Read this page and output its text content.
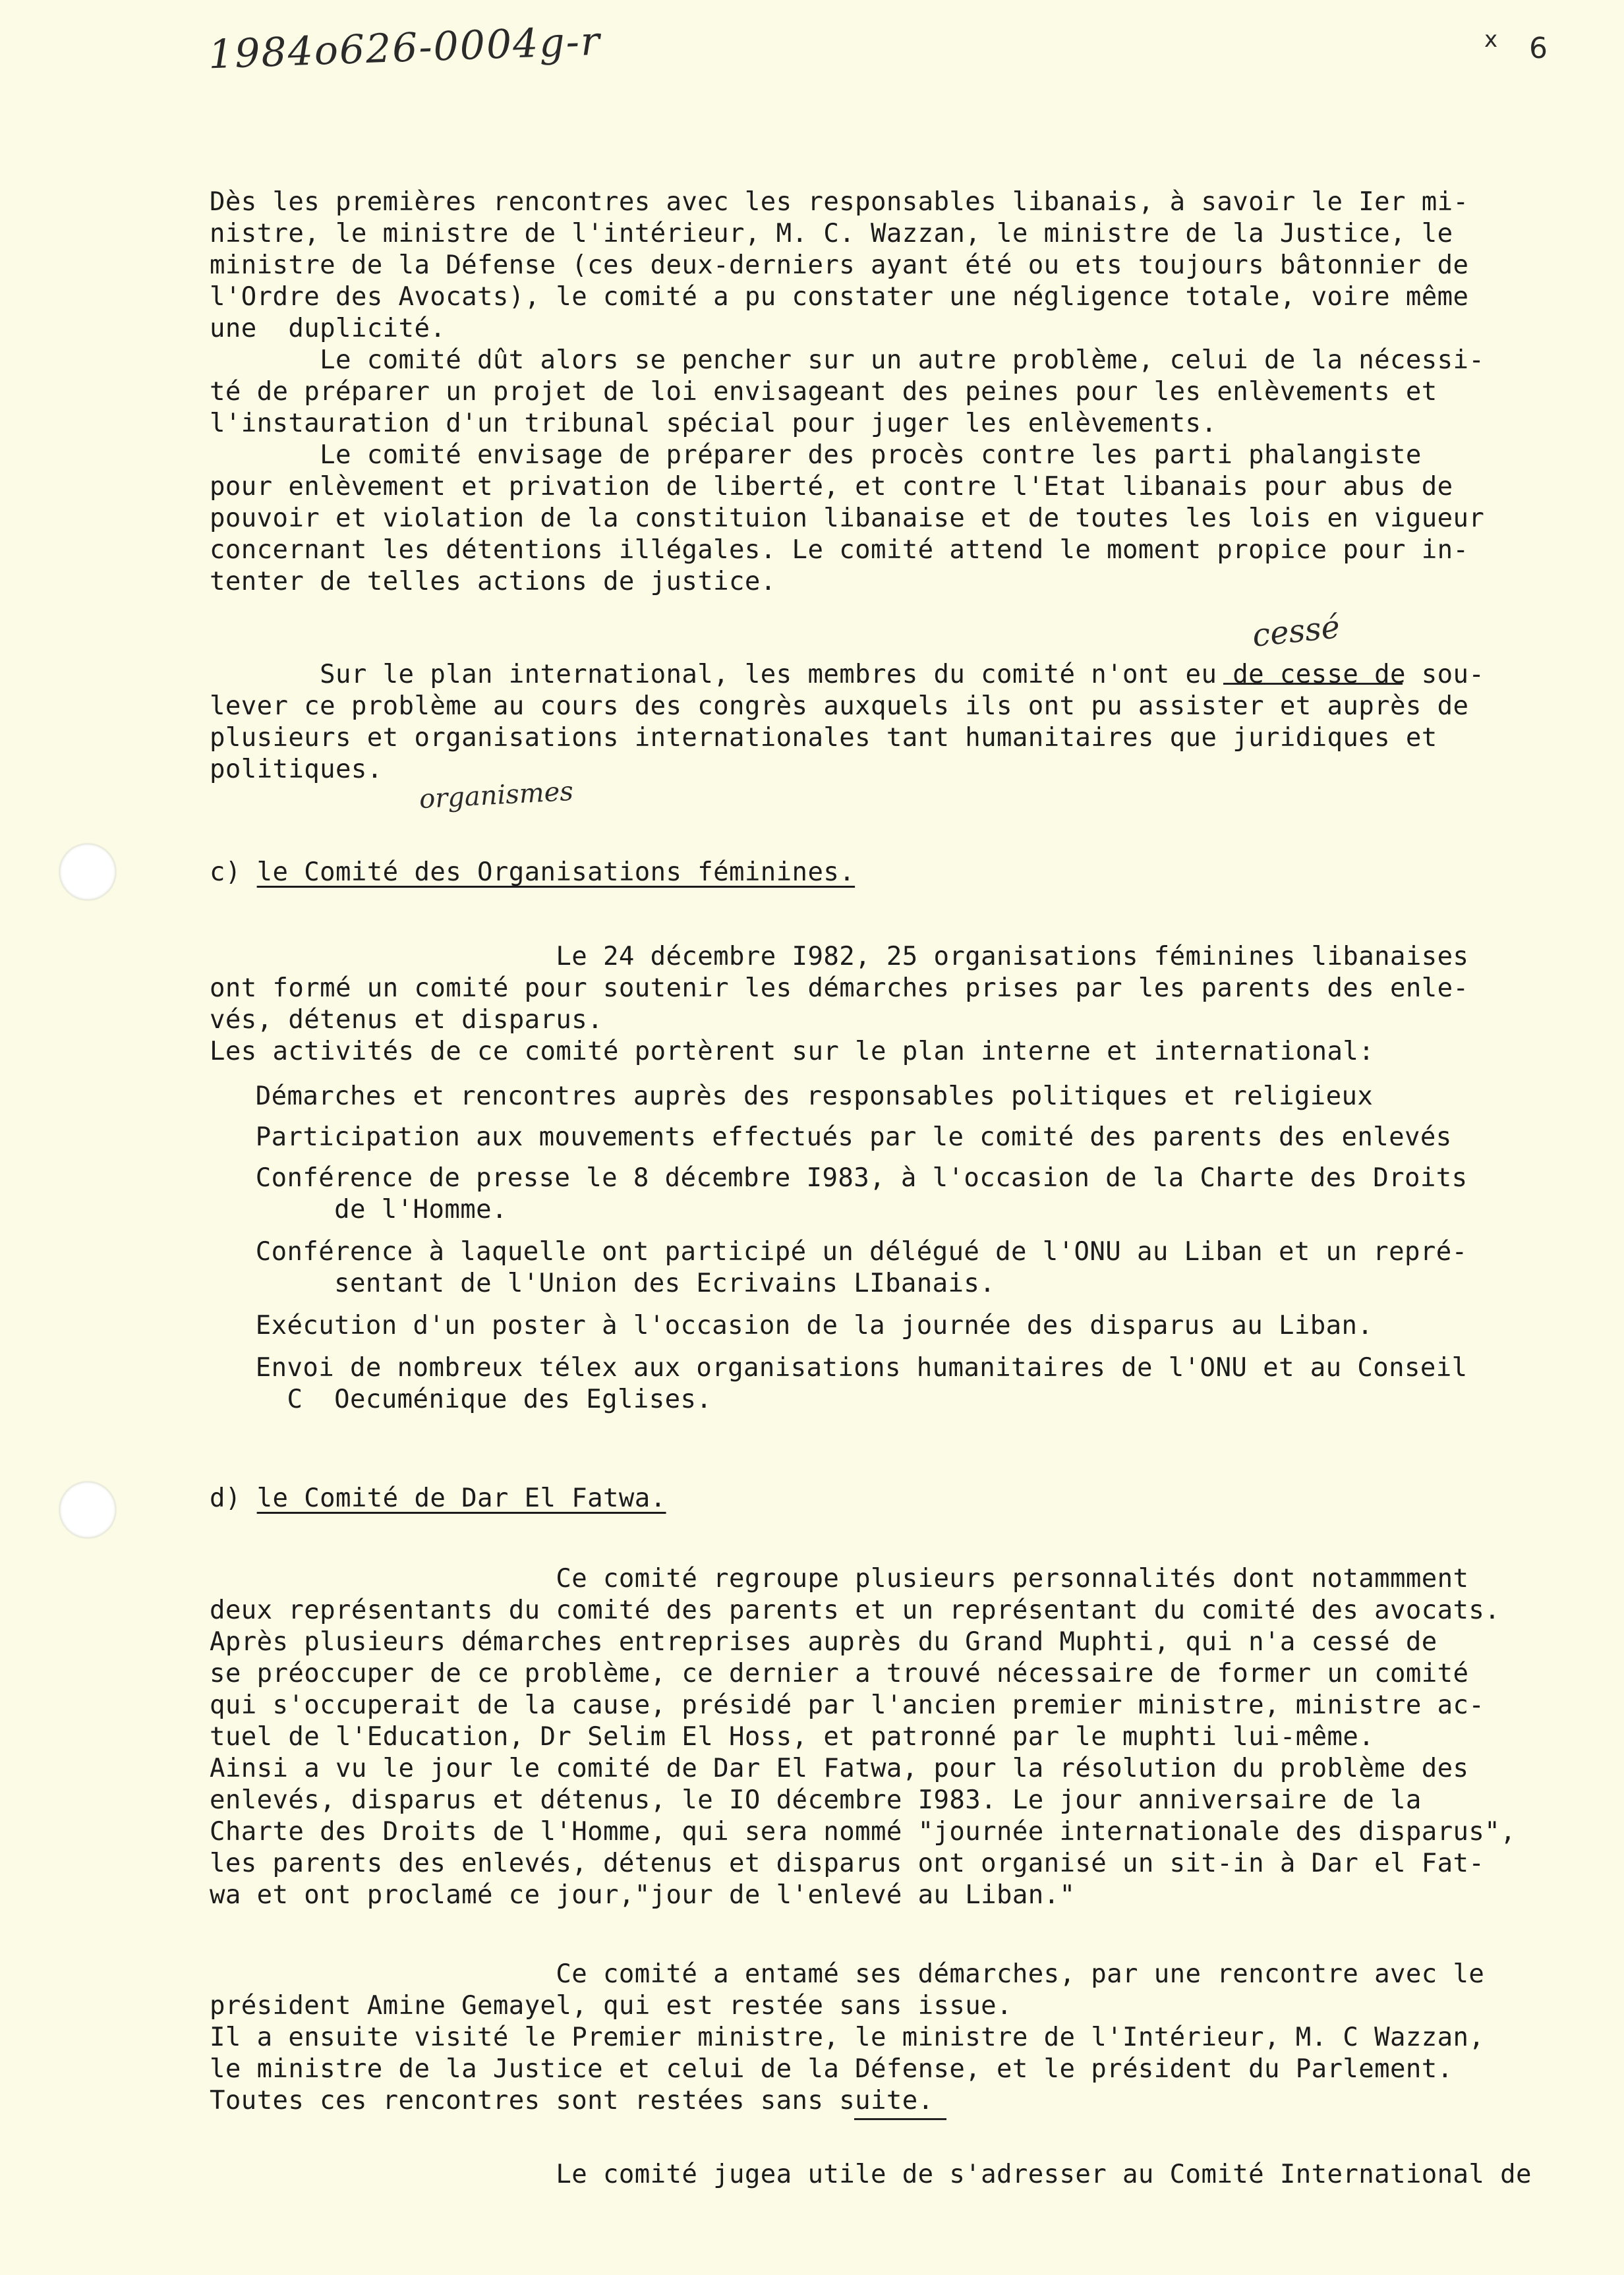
1984o626-0004g-r	x 6
Dès les premières rencontres avec les responsables libanais, à savoir le Ier mi-
nistre, le ministre de l'intérieur, M. C. Wazzan, le ministre de la Justice, le
ministre de la Défense (ces deux-derniers ayant été ou ets toujours bâtonnier de
l'Ordre des Avocats), le comité a pu constater une négligence totale, voire même
une  duplicité.
Le comité dût alors se pencher sur un autre problème, celui de la nécessi-
té de préparer un projet de loi envisageant des peines pour les enlèvements et
l'instauration d'un tribunal spécial pour juger les enlèvements.
Le comité envisage de préparer des procès contre les parti phalangiste
pour enlèvement et privation de liberté, et contre l'Etat libanais pour abus de
pouvoir et violation de la constituion libanaise et de toutes les lois en vigueur
concernant les détentions illégales. Le comité attend le moment propice pour in-
tenter de telles actions de justice.
cessé
Sur le plan international, les membres du comité n'ont eu de cesse de sou-
lever ce problème au cours des congrès auxquels ils ont pu assister et auprès de
plusieurs et organisations internationales tant humanitaires que juridiques et
politiques.
organismes
c) le Comité des Organisations féminines.
Le 24 décembre I982, 25 organisations féminines libanaises
ont formé un comité pour soutenir les démarches prises par les parents des enle-
vés, détenus et disparus.
Les activités de ce comité portèrent sur le plan interne et international:
Démarches et rencontres auprès des responsables politiques et religieux
Participation aux mouvements effectués par le comité des parents des enlevés
Conférence de presse le 8 décembre I983, à l'occasion de la Charte des Droits
de l'Homme.
Conférence à laquelle ont participé un délégué de l'ONU au Liban et un repré-
sentant de l'Union des Ecrivains LIbanais.
Exécution d'un poster à l'occasion de la journée des disparus au Liban.
Envoi de nombreux télex aux organisations humanitaires de l'ONU et au Conseil
C  Oecuménique des Eglises.
d) le Comité de Dar El Fatwa.
Ce comité regroupe plusieurs personnalités dont notammment
deux représentants du comité des parents et un représentant du comité des avocats.
Après plusieurs démarches entreprises auprès du Grand Muphti, qui n'a cessé de
se préoccuper de ce problème, ce dernier a trouvé nécessaire de former un comité
qui s'occuperait de la cause, présidé par l'ancien premier ministre, ministre ac-
tuel de l'Education, Dr Selim El Hoss, et patronné par le muphti lui-même.
Ainsi a vu le jour le comité de Dar El Fatwa, pour la résolution du problème des
enlevés, disparus et détenus, le IO décembre I983. Le jour anniversaire de la
Charte des Droits de l'Homme, qui sera nommé "journée internationale des disparus",
les parents des enlevés, détenus et disparus ont organisé un sit-in à Dar el Fat-
wa et ont proclamé ce jour,"jour de l'enlevé au Liban."
Ce comité a entamé ses démarches, par une rencontre avec le
président Amine Gemayel, qui est restée sans issue.
Il a ensuite visité le Premier ministre, le ministre de l'Intérieur, M. C Wazzan,
le ministre de la Justice et celui de la Défense, et le président du Parlement.
Toutes ces rencontres sont restées sans suite.
Le comité jugea utile de s'adresser au Comité International de
